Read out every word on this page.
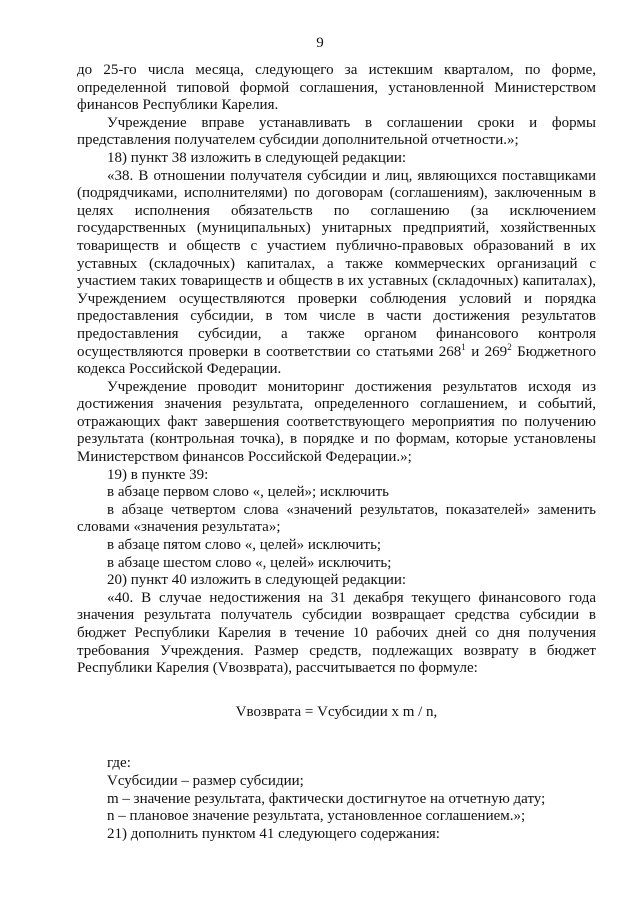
9

до 25-го числа месяца, следующего за истекшим кварталом, по форме, определенной типовой формой соглашения, установленной Министерством финансов Республики Карелия.

Учреждение вправе устанавливать в соглашении сроки и формы представления получателем субсидии дополнительной отчетности.»;

18) пункт 38 изложить в следующей редакции:

«38. В отношении получателя субсидии и лиц, являющихся поставщиками (подрядчиками, исполнителями) по договорам (соглашениям), заключенным в целях исполнения обязательств по соглашению (за исключением государственных (муниципальных) унитарных предприятий, хозяйственных товариществ и обществ с участием публично-правовых образований в их уставных (складочных) капиталах, а также коммерческих организаций с участием таких товариществ и обществ в их уставных (складочных) капиталах), Учреждением осуществляются проверки соблюдения условий и порядка предоставления субсидии, в том числе в части достижения результатов предоставления субсидии, а также органом финансового контроля осуществляются проверки в соответствии со статьями $268^1$ и $269^2$ Бюджетного кодекса Российской Федерации.

Учреждение проводит мониторинг достижения результатов исходя из достижения значения результата, определенного соглашением, и событий, отражающих факт завершения соответствующего мероприятия по получению результата (контрольная точка), в порядке и по формам, которые установлены Министерством финансов Российской Федерации.»;

19) в пункте 39:

в абзаце первом слово «, целей»; исключить

в абзаце четвертом слова «значений результатов, показателей» заменить словами «значения результата»;

в абзаце пятом слово «, целей» исключить;

в абзаце шестом слово «, целей» исключить;

20) пункт 40 изложить в следующей редакции:

«40. В случае недостижения на 31 декабря текущего финансового года значения результата получатель субсидии возвращает средства субсидии в бюджет Республики Карелия в течение 10 рабочих дней со дня получения требования Учреждения. Размер средств, подлежащих возврату в бюджет Республики Карелия (Vвозврата), рассчитывается по формуле:

Vвозврата = Vсубсидии x m / n,

где:

Vсубсидии – размер субсидии;

m – значение результата, фактически достигнутое на отчетную дату;

n – плановое значение результата, установленное соглашением.»;

21) дополнить пунктом 41 следующего содержания:
